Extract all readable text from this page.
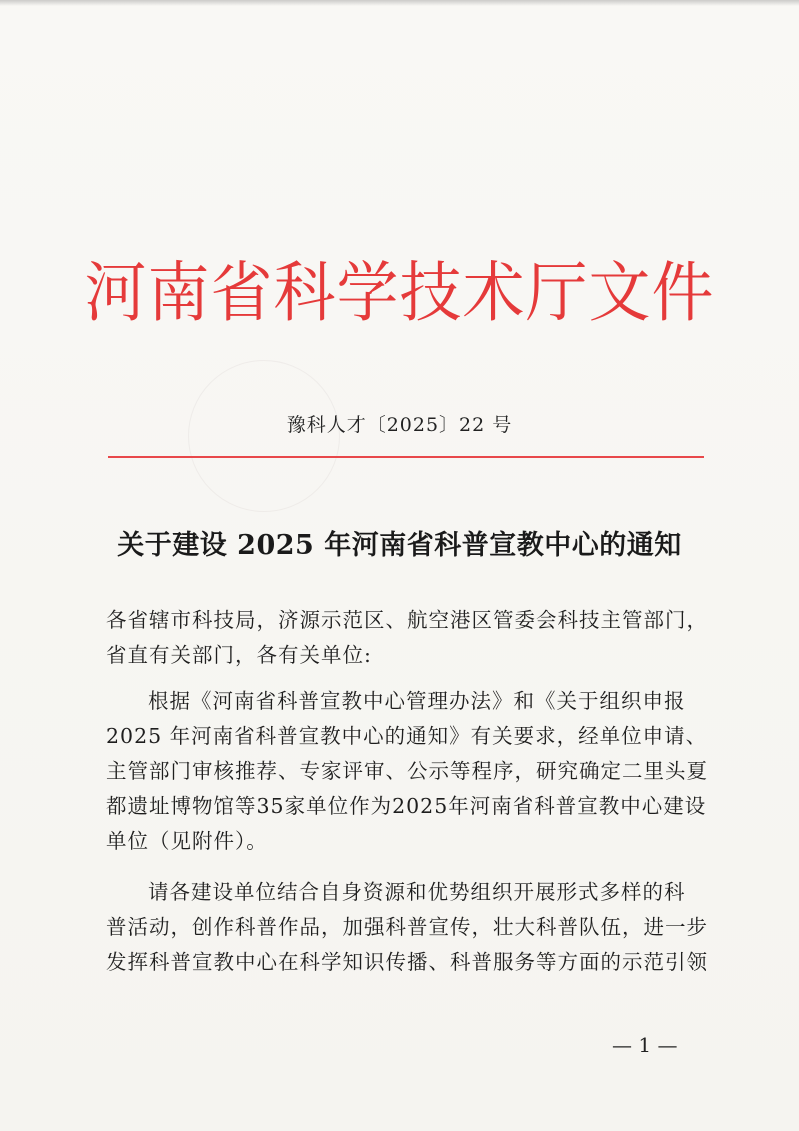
河南省科学技术厅文件
豫科人才〔2025〕22 号
关于建设 2025 年河南省科普宣教中心的通知
各省辖市科技局，济源示范区、航空港区管委会科技主管部门，
省直有关部门，各有关单位:
根据《河南省科普宣教中心管理办法》和《关于组织申报
2025 年河南省科普宣教中心的通知》有关要求，经单位申请、
主管部门审核推荐、专家评审、公示等程序，研究确定二里头夏
都遗址博物馆等35家单位作为2025年河南省科普宣教中心建设
单位（见附件）。
请各建设单位结合自身资源和优势组织开展形式多样的科
普活动，创作科普作品，加强科普宣传，壮大科普队伍，进一步
发挥科普宣教中心在科学知识传播、科普服务等方面的示范引领
— 1 —
